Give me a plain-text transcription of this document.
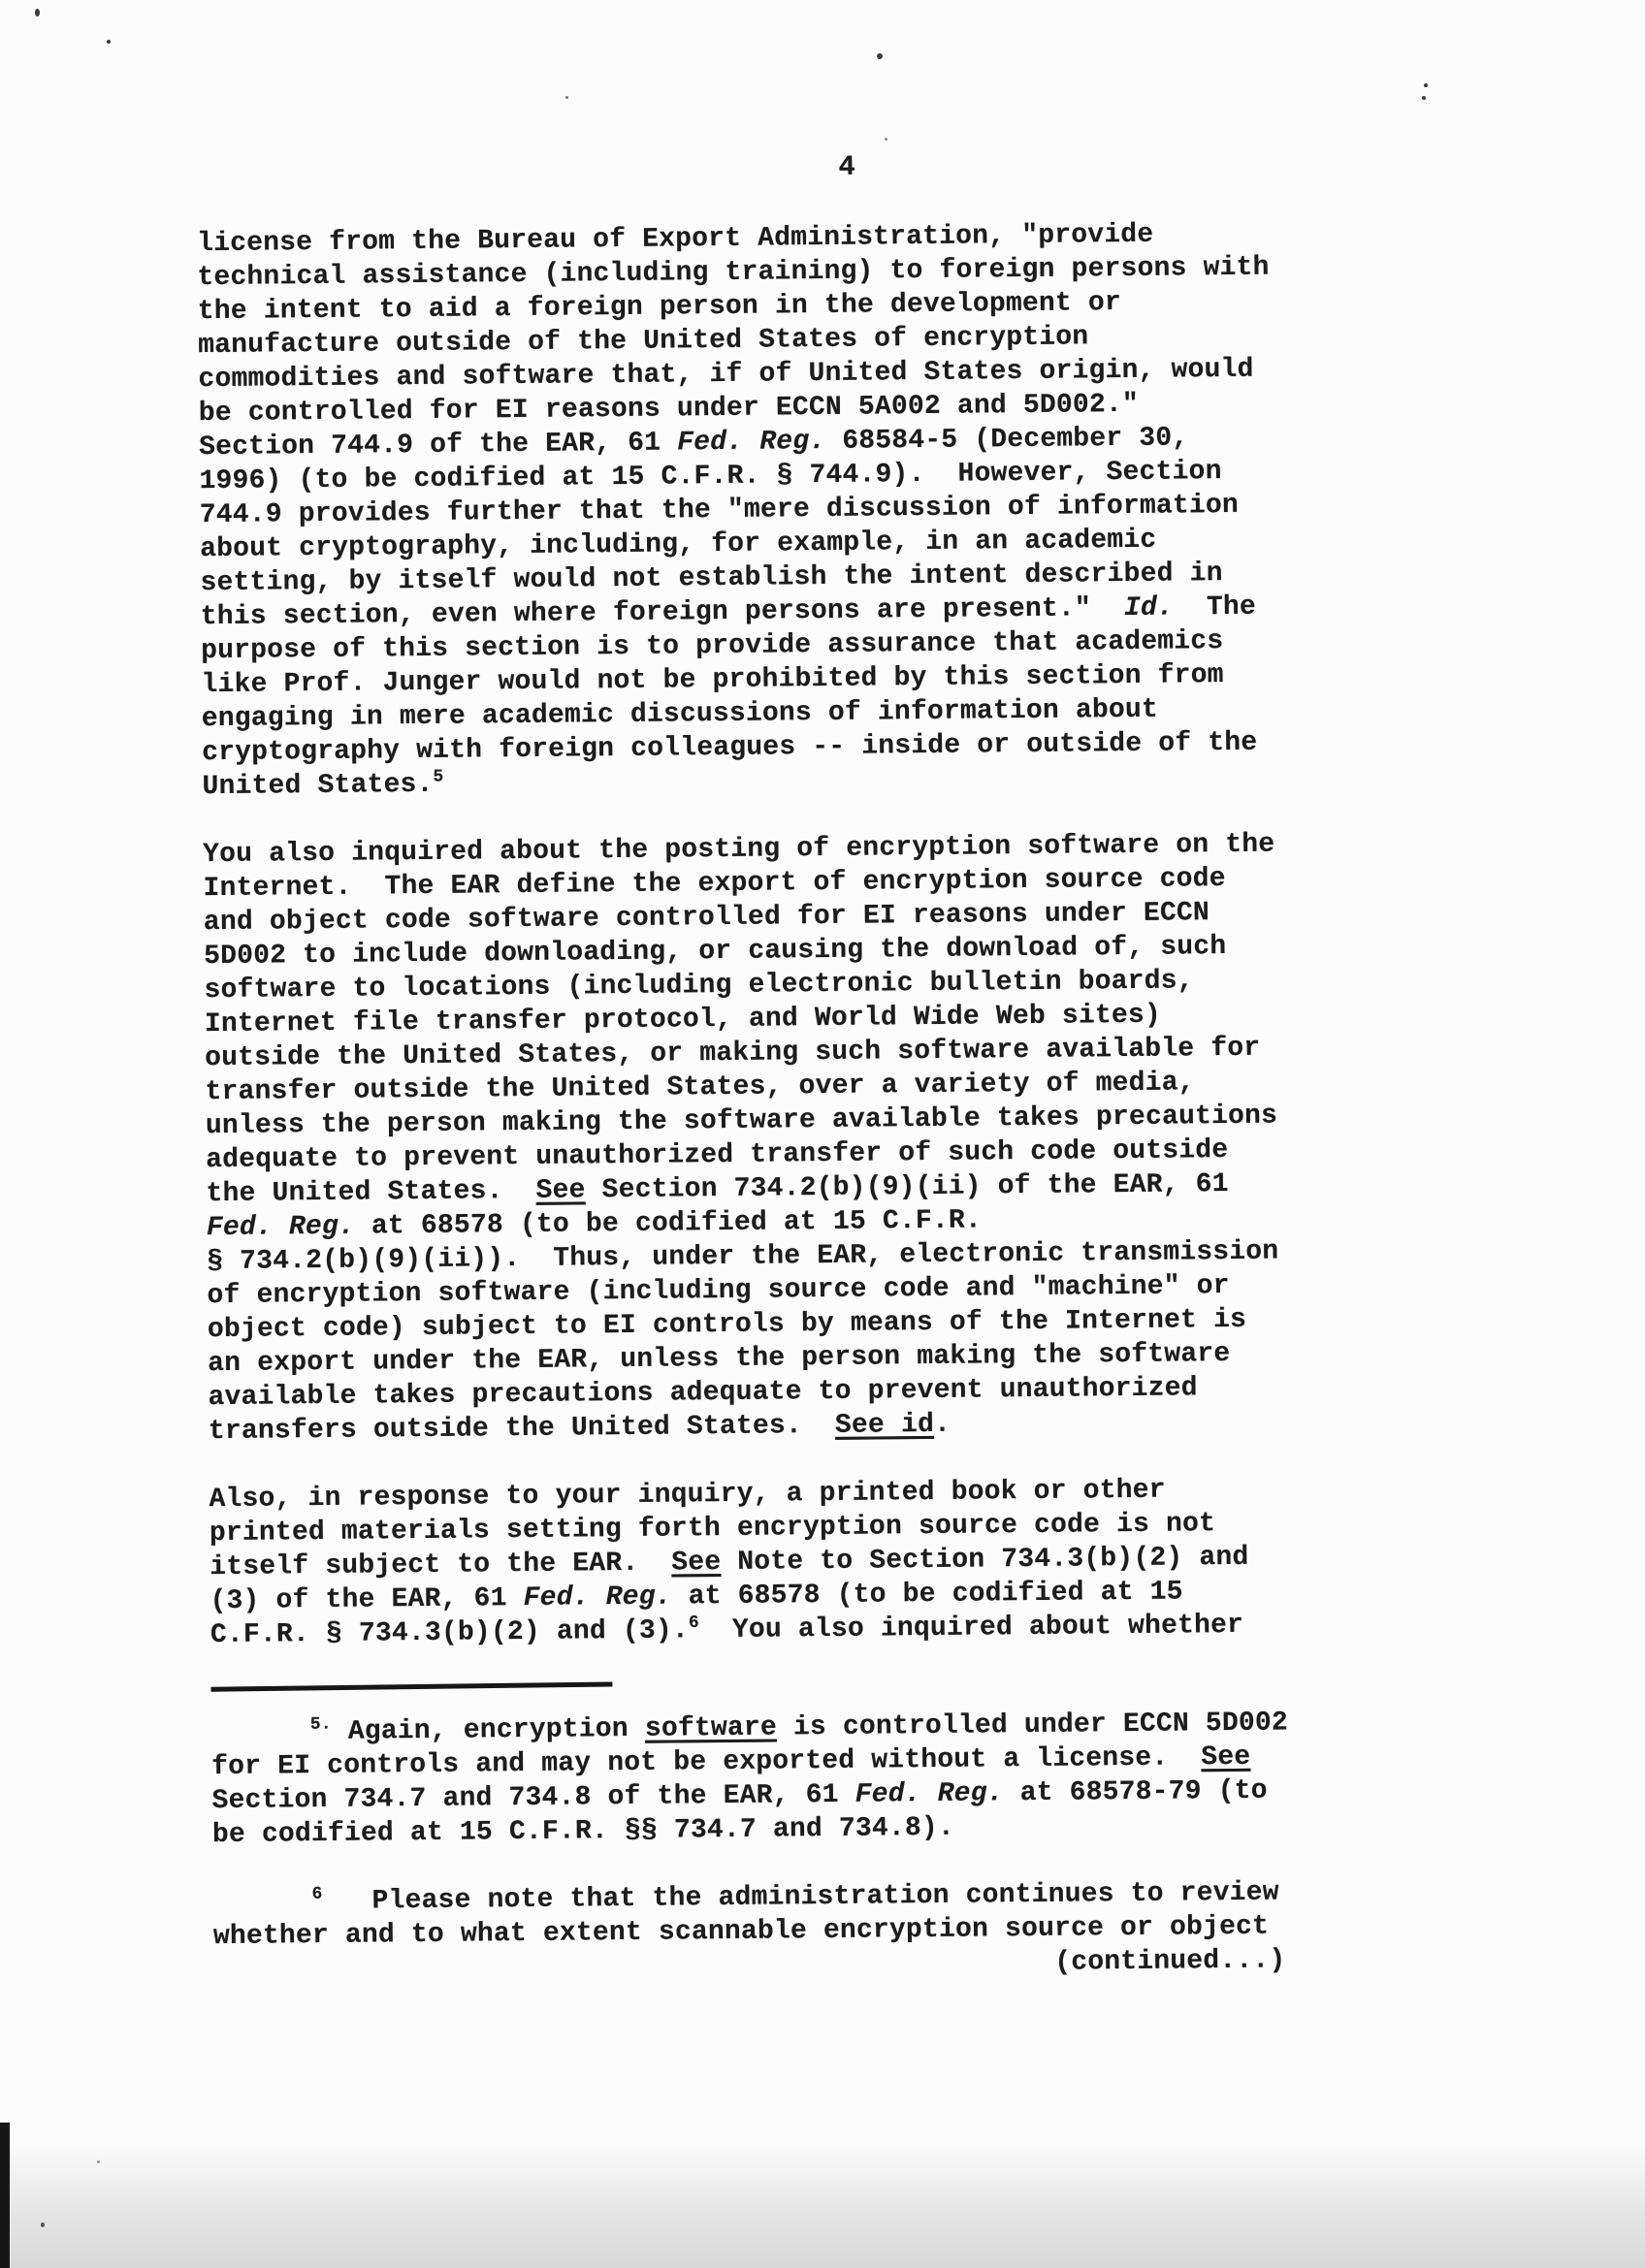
4
license from the Bureau of Export Administration, "provide
technical assistance (including training) to foreign persons with
the intent to aid a foreign person in the development or
manufacture outside of the United States of encryption
commodities and software that, if of United States origin, would
be controlled for EI reasons under ECCN 5A002 and 5D002."
Section 744.9 of the EAR, 61 Fed. Reg. 68584-5 (December 30,
1996) (to be codified at 15 C.F.R. § 744.9).  However, Section
744.9 provides further that the "mere discussion of information
about cryptography, including, for example, in an academic
setting, by itself would not establish the intent described in
this section, even where foreign persons are present."  Id.  The
purpose of this section is to provide assurance that academics
like Prof. Junger would not be prohibited by this section from
engaging in mere academic discussions of information about
cryptography with foreign colleagues -- inside or outside of the
United States.$^5$
You also inquired about the posting of encryption software on the
Internet.  The EAR define the export of encryption source code
and object code software controlled for EI reasons under ECCN
5D002 to include downloading, or causing the download of, such
software to locations (including electronic bulletin boards,
Internet file transfer protocol, and World Wide Web sites)
outside the United States, or making such software available for
transfer outside the United States, over a variety of media,
unless the person making the software available takes precautions
adequate to prevent unauthorized transfer of such code outside
the United States.  See Section 734.2(b)(9)(ii) of the EAR, 61
Fed. Reg. at 68578 (to be codified at 15 C.F.R.
§ 734.2(b)(9)(ii)).  Thus, under the EAR, electronic transmission
of encryption software (including source code and "machine" or
object code) subject to EI controls by means of the Internet is
an export under the EAR, unless the person making the software
available takes precautions adequate to prevent unauthorized
transfers outside the United States.  See id.
Also, in response to your inquiry, a printed book or other
printed materials setting forth encryption source code is not
itself subject to the EAR.  See Note to Section 734.3(b)(2) and
(3) of the EAR, 61 Fed. Reg. at 68578 (to be codified at 15
C.F.R. § 734.3(b)(2) and (3).$^6$  You also inquired about whether
$^{5.}$ Again, encryption software is controlled under ECCN 5D002
for EI controls and may not be exported without a license.  See
Section 734.7 and 734.8 of the EAR, 61 Fed. Reg. at 68578-79 (to
be codified at 15 C.F.R. §§ 734.7 and 734.8).
$^6$   Please note that the administration continues to review
whether and to what extent scannable encryption source or object
(continued...)
